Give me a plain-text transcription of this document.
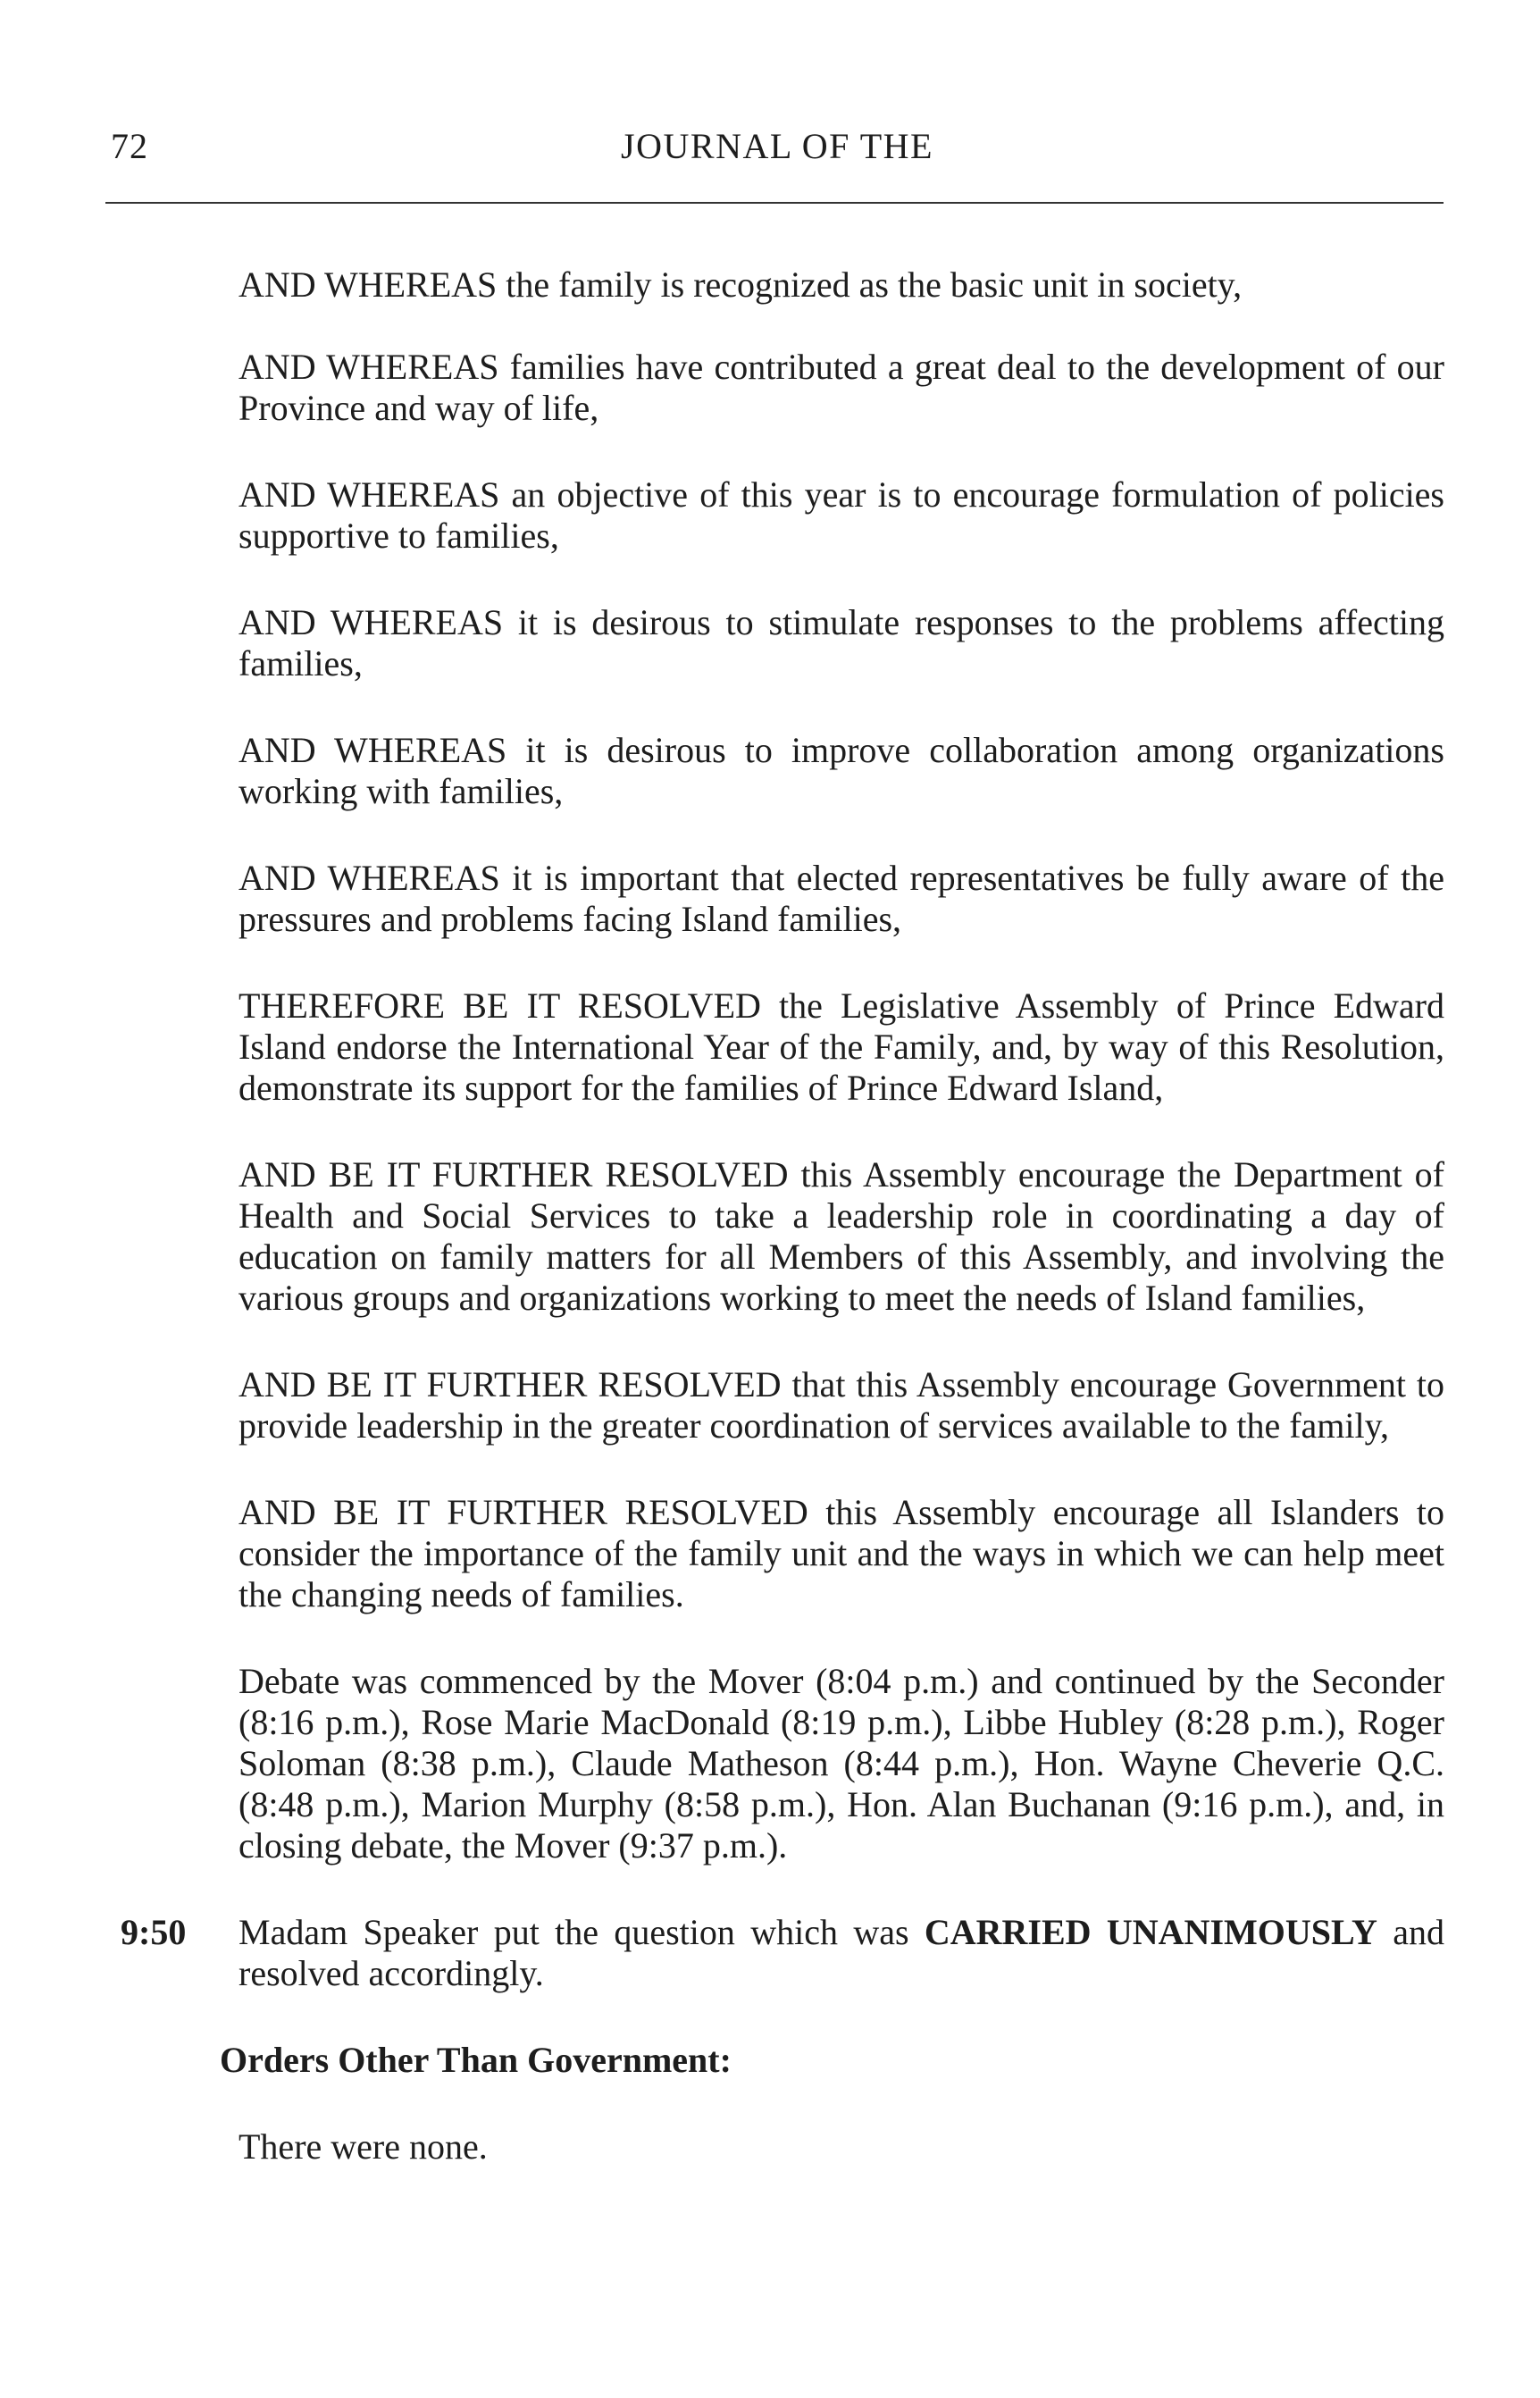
72	JOURNAL OF THE

AND WHEREAS the family is recognized as the basic unit in society,

AND WHEREAS families have contributed a great deal to the development of our Province and way of life,

AND WHEREAS an objective of this year is to encourage formulation of policies supportive to families,

AND WHEREAS it is desirous to stimulate responses to the problems affecting families,

AND WHEREAS it is desirous to improve collaboration among organizations working with families,

AND WHEREAS it is important that elected representatives be fully aware of the pressures and problems facing Island families,

THEREFORE BE IT RESOLVED the Legislative Assembly of Prince Edward Island endorse the International Year of the Family, and, by way of this Resolution, demonstrate its support for the families of Prince Edward Island,

AND BE IT FURTHER RESOLVED this Assembly encourage the Department of Health and Social Services to take a leadership role in coordinating a day of education on family matters for all Members of this Assembly, and involving the various groups and organizations working to meet the needs of Island families,

AND BE IT FURTHER RESOLVED that this Assembly encourage Government to provide leadership in the greater coordination of services available to the family,

AND BE IT FURTHER RESOLVED this Assembly encourage all Islanders to consider the importance of the family unit and the ways in which we can help meet the changing needs of families.

Debate was commenced by the Mover (8:04 p.m.) and continued by the Seconder (8:16 p.m.), Rose Marie MacDonald (8:19 p.m.), Libbe Hubley (8:28 p.m.), Roger Soloman (8:38 p.m.), Claude Matheson (8:44 p.m.), Hon. Wayne Cheverie Q.C. (8:48 p.m.), Marion Murphy (8:58 p.m.), Hon. Alan Buchanan (9:16 p.m.), and, in closing debate, the Mover (9:37 p.m.).

9:50 Madam Speaker put the question which was CARRIED UNANIMOUSLY and resolved accordingly.
Orders Other Than Government:

There were none.
